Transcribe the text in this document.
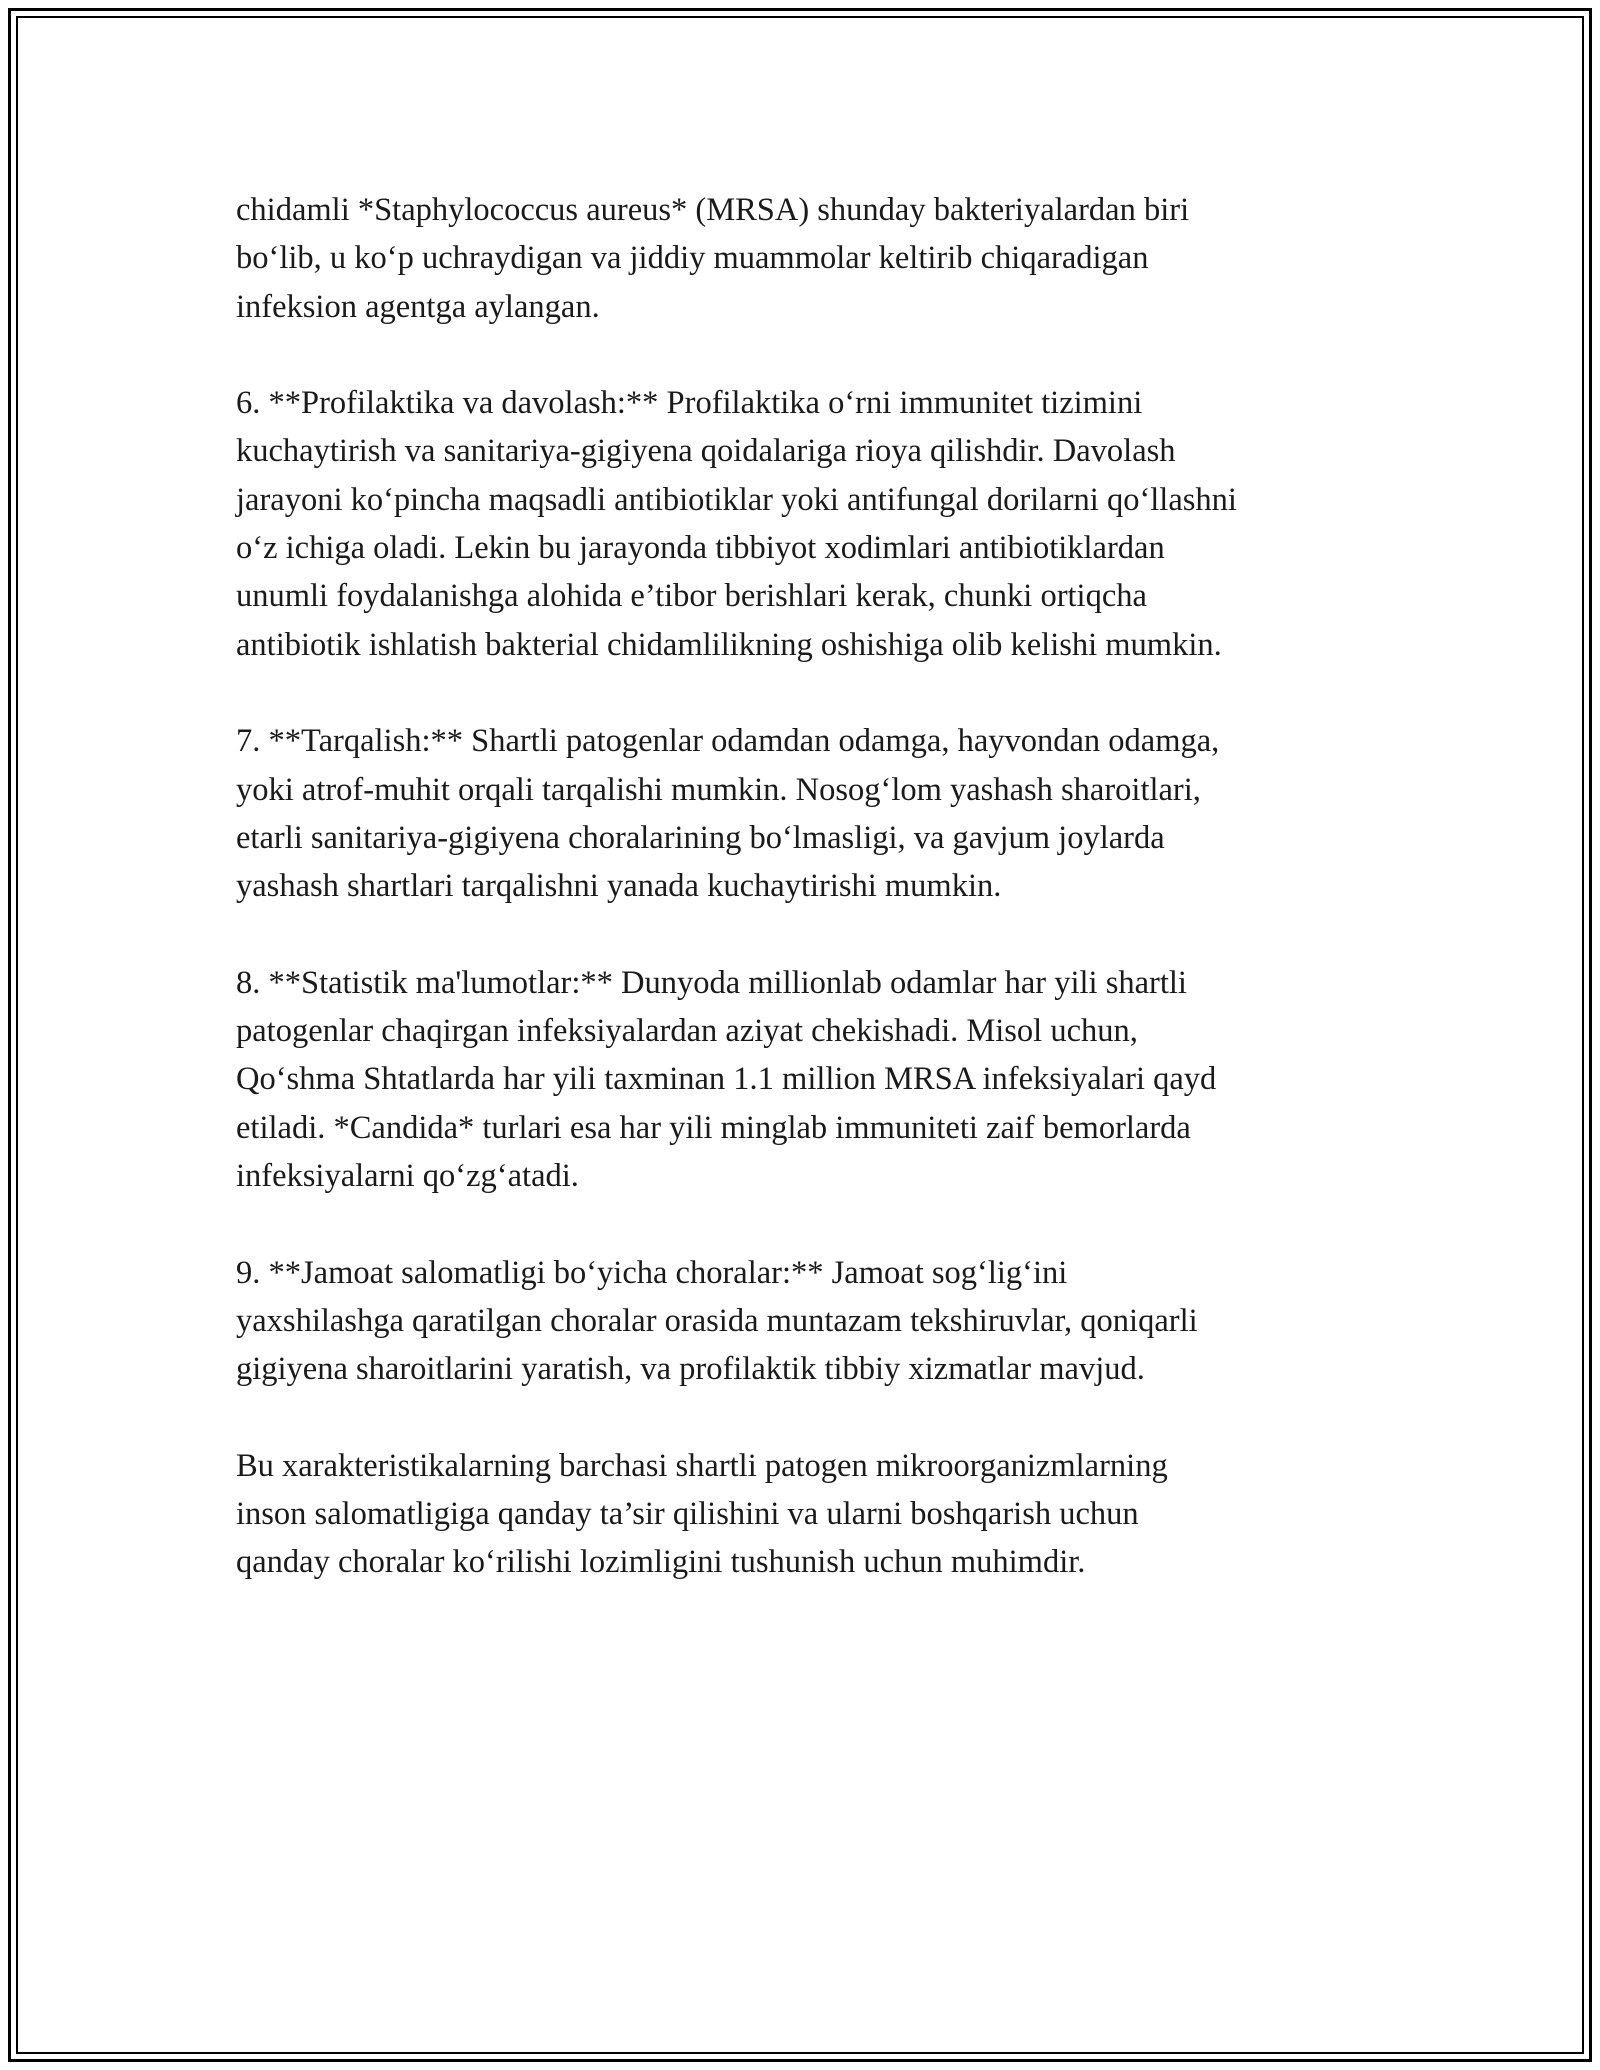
chidamli *Staphylococcus aureus* (MRSA) shunday bakteriyalardan biri
bo‘lib, u ko‘p uchraydigan va jiddiy muammolar keltirib chiqaradigan
infeksion agentga aylangan.

6. **Profilaktika va davolash:** Profilaktika o‘rni immunitet tizimini
kuchaytirish va sanitariya-gigiyena qoidalariga rioya qilishdir. Davolash
jarayoni ko‘pincha maqsadli antibiotiklar yoki antifungal dorilarni qo‘llashni
o‘z ichiga oladi. Lekin bu jarayonda tibbiyot xodimlari antibiotiklardan
unumli foydalanishga alohida e’tibor berishlari kerak, chunki ortiqcha
antibiotik ishlatish bakterial chidamlilikning oshishiga olib kelishi mumkin.

7. **Tarqalish:** Shartli patogenlar odamdan odamga, hayvondan odamga,
yoki atrof-muhit orqali tarqalishi mumkin. Nosog‘lom yashash sharoitlari,
etarli sanitariya-gigiyena choralarining bo‘lmasligi, va gavjum joylarda
yashash shartlari tarqalishni yanada kuchaytirishi mumkin.

8. **Statistik ma'lumotlar:** Dunyoda millionlab odamlar har yili shartli
patogenlar chaqirgan infeksiyalardan aziyat chekishadi. Misol uchun,
Qo‘shma Shtatlarda har yili taxminan 1.1 million MRSA infeksiyalari qayd
etiladi. *Candida* turlari esa har yili minglab immuniteti zaif bemorlarda
infeksiyalarni qo‘zg‘atadi.

9. **Jamoat salomatligi bo‘yicha choralar:** Jamoat sog‘lig‘ini
yaxshilashga qaratilgan choralar orasida muntazam tekshiruvlar, qoniqarli
gigiyena sharoitlarini yaratish, va profilaktik tibbiy xizmatlar mavjud.

Bu xarakteristikalarning barchasi shartli patogen mikroorganizmlarning
inson salomatligiga qanday ta’sir qilishini va ularni boshqarish uchun
qanday choralar ko‘rilishi lozimligini tushunish uchun muhimdir.
